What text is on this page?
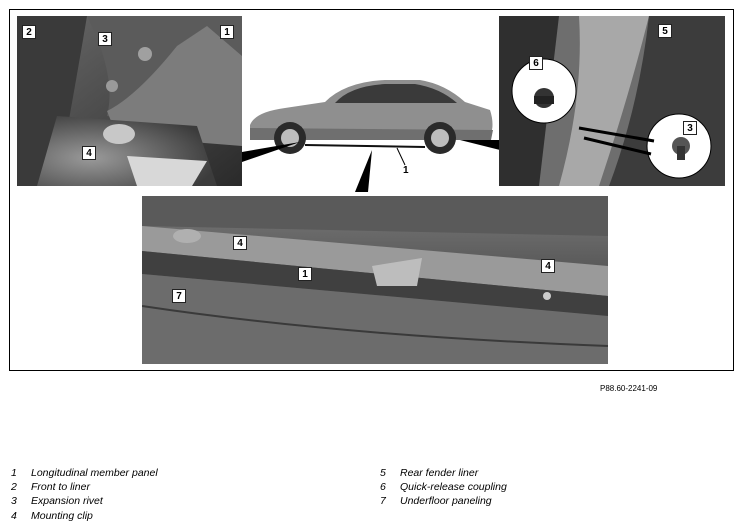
2
3
1
4
1
5
6
3
4
1
4
7
P88.60-2241-09
1	Longitudinal member panel
2	Front to liner
3	Expansion rivet
4	Mounting clip
5	Rear fender liner
6	Quick-release coupling
7	Underfloor paneling
